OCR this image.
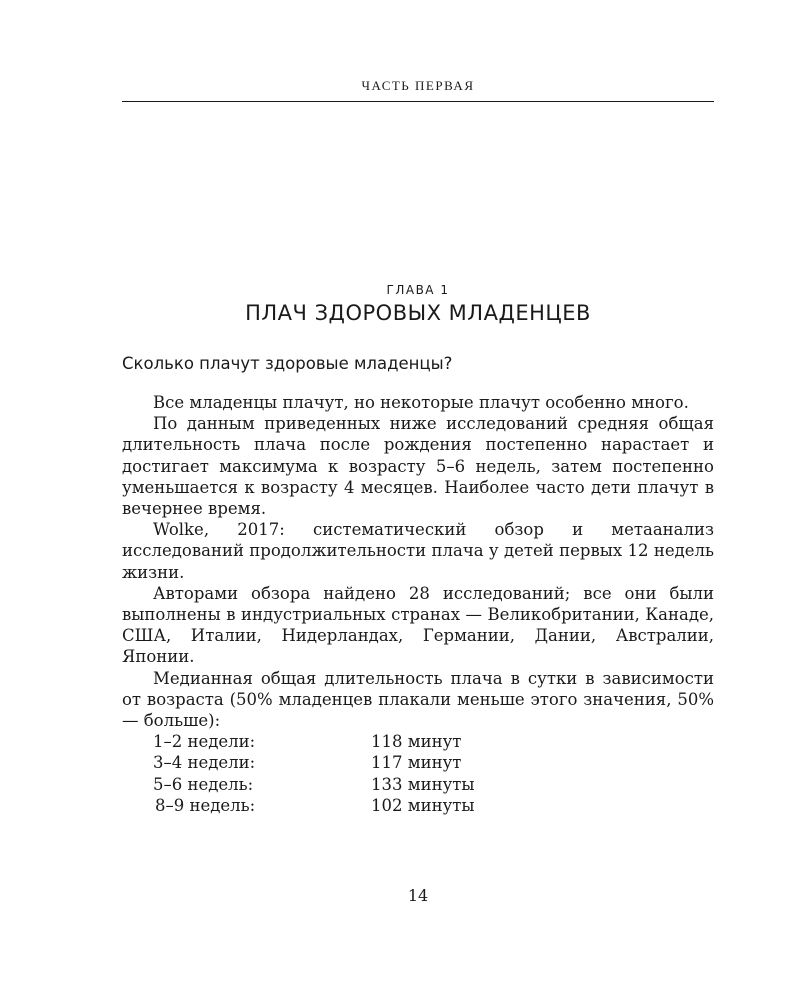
ЧАСТЬ ПЕРВАЯ
ГЛАВА 1
ПЛАЧ ЗДОРОВЫХ МЛАДЕНЦЕВ
Сколько плачут здоровые младенцы?

Все младенцы плачут, но некоторые плачут особенно много.

По данным приведенных ниже исследований средняя общая длительность плача после рождения постепенно нарастает и достигает максимума к возрасту 5–6 недель, затем постепенно уменьшается к возрасту 4 месяцев. Наиболее часто дети плачут в вечернее время.

Wolke, 2017: систематический обзор и метаанализ исследований продолжительности плача у детей первых 12 недель жизни.

Авторами обзора найдено 28 исследований; все они были выполнены в индустриальных странах — Великобритании, Канаде, США, Италии, Нидерландах, Германии, Дании, Австралии, Японии.

Медианная общая длительность плача в сутки в зависимости от возраста (50% младенцев плакали меньше этого значения, 50% — больше):

1–2 недели:	118 минут
3–4 недели:	117 минут
5–6 недель:	133 минуты
8–9 недель:	102 минуты
14
